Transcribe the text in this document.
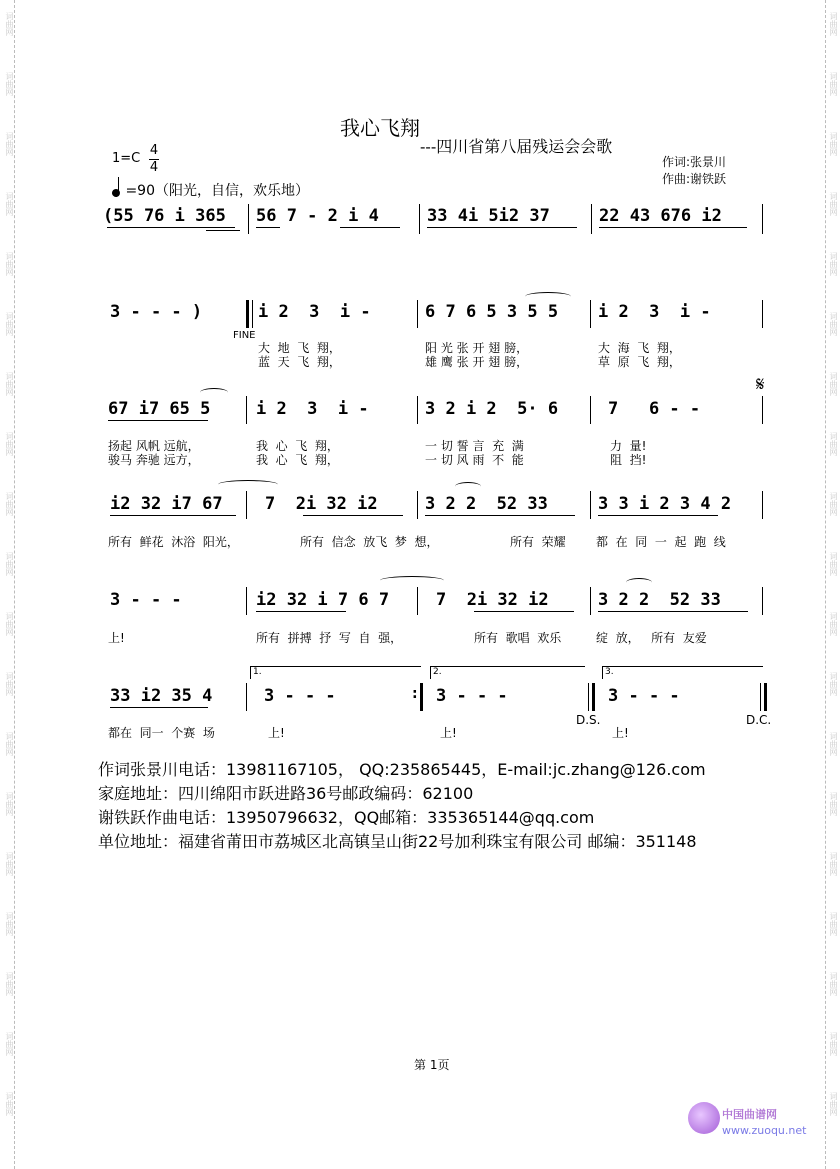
词曲网
词曲网
词曲网
词曲网
词曲网
词曲网
词曲网
词曲网
词曲网
词曲网
词曲网
词曲网
词曲网
词曲网
词曲网
词曲网
词曲网
词曲网
词曲网
词曲网
词曲网
词曲网
词曲网
词曲网
词曲网
词曲网
词曲网
词曲网
词曲网
词曲网
词曲网
词曲网
词曲网
词曲网
词曲网
词曲网
词曲网
词曲网
我心飞翔
---四川省第八届残运会会歌
1=C
4
4
=90（阳光，自信，欢乐地）
作词:张景川
作曲:谢铁跃
(55 76 i 365 56 7 - 2 i 4	33 4i 5i2 37	22 43 676 i2
3 - - - )
FINE
i 2  3  i -	6 7 6 5 3 5 5 i 2  3  i -
大  地  飞  翔，	阳 光 张 开 翅 膀，	大  海  飞  翔，
蓝  天  飞  翔，	雄 鹰 张 开 翅 膀，	草  原  飞  翔，
67 i7 65 5	i 2  3  i -	3 2 i 2  5· 6	7   6 - -
𝄋
扬起 风帆 远航，	我  心  飞  翔，	一 切 誓 言  充  满	力  量!
骏马 奔驰 远方，	我  心  飞  翔，	一 切 风 雨  不  能	阻  挡!
i2 32 i7 67 7  2i 32 i2	3 2 2  52 33	3 3 i 2 3 4 2
所有  鲜花  沐浴  阳光，	所有  信念  放飞  梦  想，	所有  荣耀	都  在  同  一  起  跑  线
3 - - -	i2 32 i 7 6 7	7  2i 32 i2	3 2 2  52 33
上!	所有  拼搏  抒  写  自  强，	所有  歌唱  欢乐	绽  放，   所有  友爱
1.	2.	3.
33 i2 35 4	3 - - -	: 3 - - -	3 - - -
都在  同一  个赛  场	上!	上!	上!
D.S.	D.C.
作词张景川电话：13981167105， QQ:235865445，E-mail:jc.zhang@126.com
家庭地址：四川绵阳市跃进路36号邮政编码：62100
谢铁跃作曲电话：13950796632，QQ邮箱：335365144@qq.com
单位地址：福建省莆田市荔城区北高镇呈山街22号加利珠宝有限公司 邮编：351148
第 1页
中国曲谱网
www.zuoqu.net
